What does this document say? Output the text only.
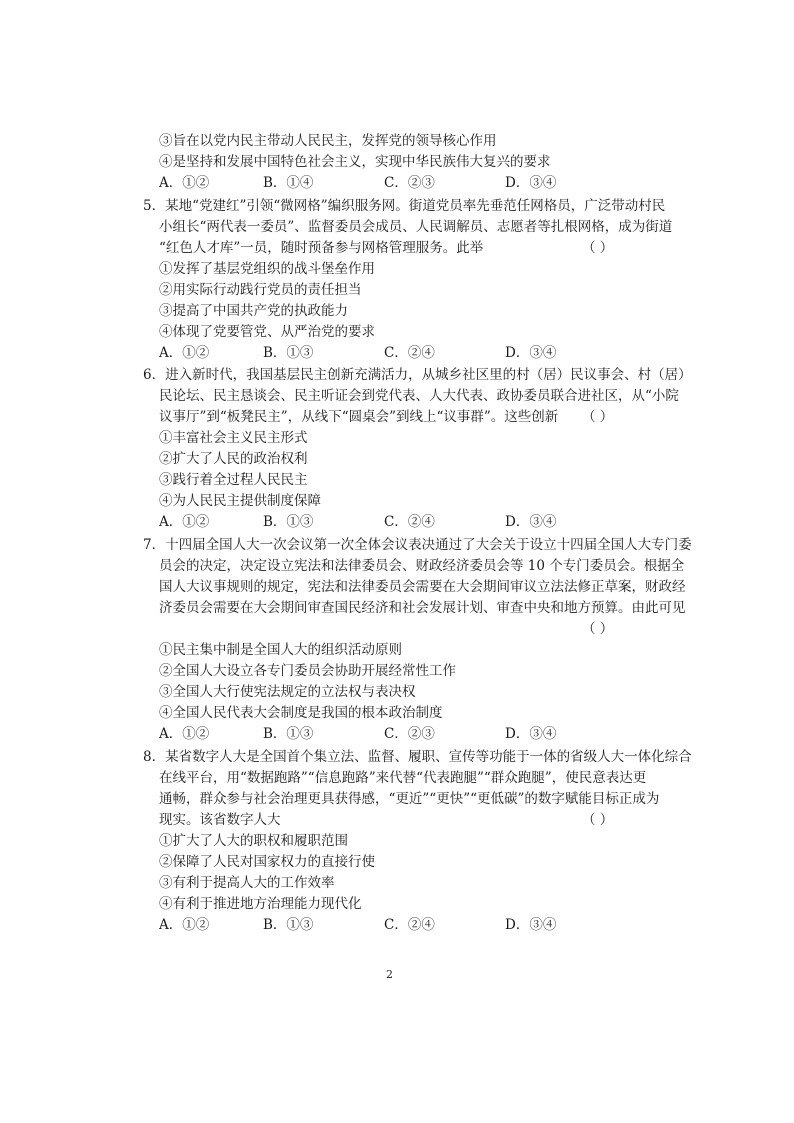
③旨在以党内民主带动人民民主，发挥党的领导核心作用
④是坚持和发展中国特色社会主义，实现中华民族伟大复兴的要求
A．①②	B．①④	C．②③	D．③④
5．某地“党建红”引领“微网格”编织服务网。街道党员率先垂范任网格员，广泛带动村民
小组长“两代表一委员”、监督委员会成员、人民调解员、志愿者等扎根网格，成为街道
“红色人才库”一员，随时预备参与网格管理服务。此举	（ ）
①发挥了基层党组织的战斗堡垒作用
②用实际行动践行党员的责任担当
③提高了中国共产党的执政能力
④体现了党要管党、从严治党的要求
A．①②	B．①③	C．②④	D．③④
6．进入新时代，我国基层民主创新充满活力，从城乡社区里的村（居）民议事会、村（居）
民论坛、民主恳谈会、民主听证会到党代表、人大代表、政协委员联合进社区，从“小院
议事厅”到“板凳民主”，从线下“圆桌会”到线上“议事群”。这些创新 （ ）
①丰富社会主义民主形式
②扩大了人民的政治权利
③践行着全过程人民民主
④为人民民主提供制度保障
A．①②	B．①③	C．②④	D．③④
7．十四届全国人大一次会议第一次全体会议表决通过了大会关于设立十四届全国人大专门委
员会的决定，决定设立宪法和法律委员会、财政经济委员会等 10 个专门委员会。根据全
国人大议事规则的规定，宪法和法律委员会需要在大会期间审议立法法修正草案，财政经
济委员会需要在大会期间审查国民经济和社会发展计划、审查中央和地方预算。由此可见
（ ）
①民主集中制是全国人大的组织活动原则
②全国人大设立各专门委员会协助开展经常性工作
③全国人大行使宪法规定的立法权与表决权
④全国人民代表大会制度是我国的根本政治制度
A．①②	B．①③	C．②③	D．③④
8．某省数字人大是全国首个集立法、监督、履职、宣传等功能于一体的省级人大一体化综合
在线平台，用“数据跑路”“信息跑路”来代替“代表跑腿”“群众跑腿”，使民意表达更
通畅，群众参与社会治理更具获得感，“更近”“更快”“更低碳”的数字赋能目标正成为
现实。该省数字人大	（ ）
①扩大了人大的职权和履职范围
②保障了人民对国家权力的直接行使
③有利于提高人大的工作效率
④有利于推进地方治理能力现代化
A．①②	B．①③	C．②④	D．③④
2
